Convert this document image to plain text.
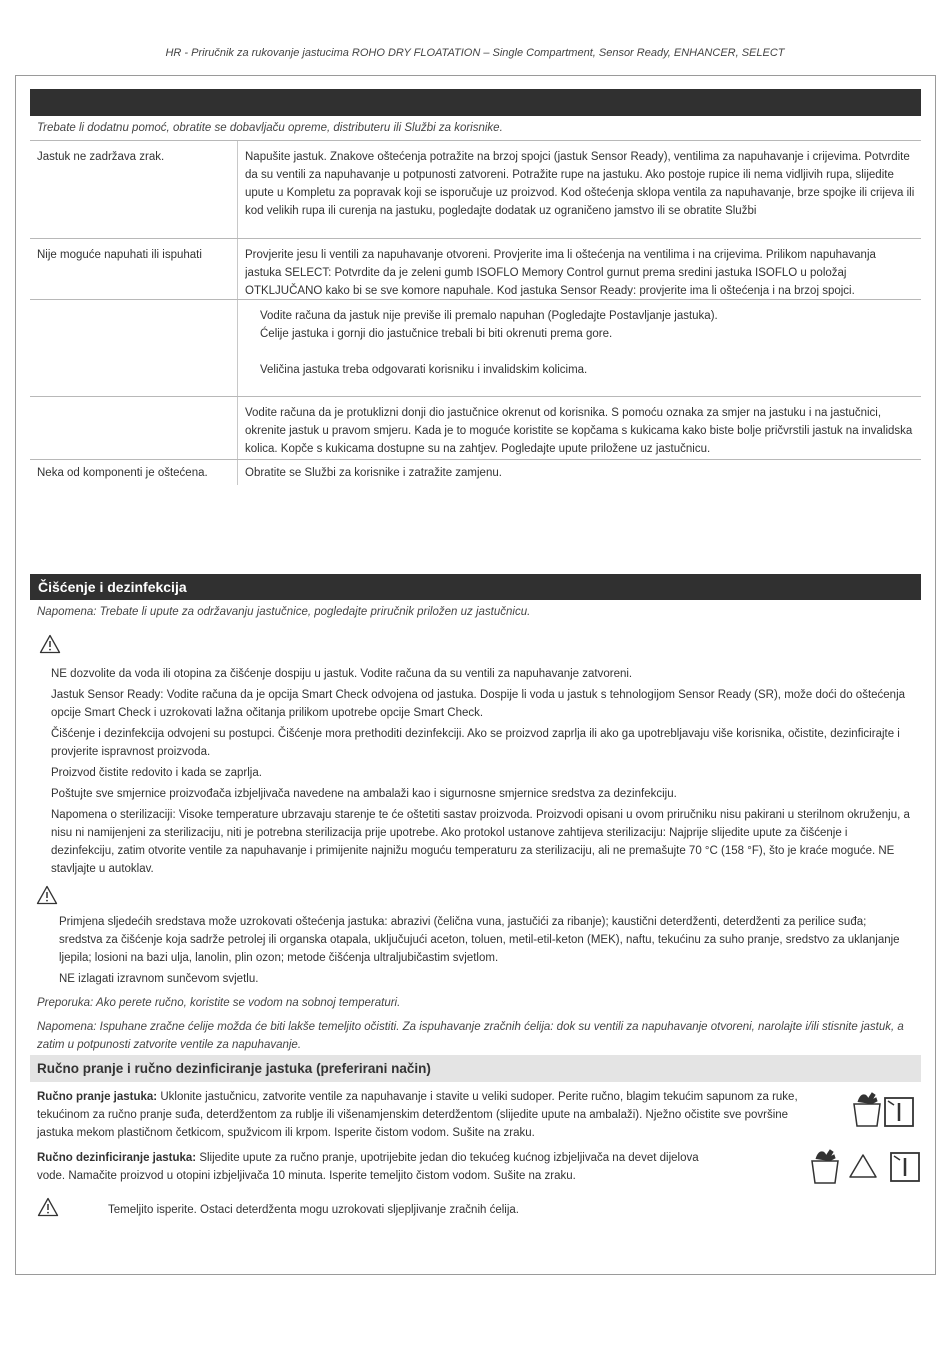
HR - Priručnik za rukovanje jastucima ROHO DRY FLOATATION – Single Compartment, Sensor Ready, ENHANCER, SELECT
Trebate li dodatnu pomoć, obratite se dobavljaču opreme, distributeru ili Službi za korisnike.
Jastuk ne zadržava zrak.	Napušite jastuk. Znakove oštećenja potražite na brzoj spojci (jastuk Sensor Ready), ventilima za napuhavanje i crijevima. Potvrdite da su ventili za napuhavanje u potpunosti zatvoreni. Potražite rupe na jastuku. Ako postoje rupice ili nema vidljivih rupa, slijedite upute u Kompletu za popravak koji se isporučuje uz proizvod. Kod oštećenja sklopa ventila za napuhavanje, brze spojke ili crijeva ili kod velikih rupa ili curenja na jastuku, pogledajte dodatak uz ograničeno jamstvo ili se obratite Službi
Nije moguće napuhati ili ispuhati	Provjerite jesu li ventili za napuhavanje otvoreni. Provjerite ima li oštećenja na ventilima i na crijevima. Prilikom napuhavanja jastuka SELECT: Potvrdite da je zeleni gumb ISOFLO Memory Control gurnut prema sredini jastuka ISOFLO u položaj OTKLJUČANO kako bi se sve komore napuhale. Kod jastuka Sensor Ready: provjerite ima li oštećenja i na brzoj spojci.
Vodite računa da jastuk nije previše ili premalo napuhan (Pogledajte Postavljanje jastuka).
Ćelije jastuka i gornji dio jastučnice trebali bi biti okrenuti prema gore.
Veličina jastuka treba odgovarati korisniku i invalidskim kolicima.
Vodite računa da je protuklizni donji dio jastučnice okrenut od korisnika. S pomoću oznaka za smjer na jastuku i na jastučnici, okrenite jastuk u pravom smjeru. Kada je to moguće koristite se kopčama s kukicama kako biste bolje pričvrstili jastuk na invalidska kolica. Kopče s kukicama dostupne su na zahtjev. Pogledajte upute priložene uz jastučnicu.
Neka od komponenti je oštećena.	Obratite se Službi za korisnike i zatražite zamjenu.
Čišćenje i dezinfekcija
Napomena: Trebate li upute za održavanju jastučnice, pogledajte priručnik priložen uz jastučnicu.

NE dozvolite da voda ili otopina za čišćenje dospiju u jastuk. Vodite računa da su ventili za napuhavanje zatvoreni.

Jastuk Sensor Ready: Vodite računa da je opcija Smart Check odvojena od jastuka. Dospije li voda u jastuk s tehnologijom Sensor Ready (SR), može doći do oštećenja opcije Smart Check i uzrokovati lažna očitanja prilikom upotrebe opcije Smart Check.

Čišćenje i dezinfekcija odvojeni su postupci. Čišćenje mora prethoditi dezinfekciji. Ako se proizvod zaprlja ili ako ga upotrebljavaju više korisnika, očistite, dezinficirajte i provjerite ispravnost proizvoda.

Proizvod čistite redovito i kada se zaprlja.

Poštujte sve smjernice proizvođača izbjeljivača navedene na ambalaži kao i sigurnosne smjernice sredstva za dezinfekciju.

Napomena o sterilizaciji: Visoke temperature ubrzavaju starenje te će oštetiti sastav proizvoda. Proizvodi opisani u ovom priručniku nisu pakirani u sterilnom okruženju, a nisu ni namijenjeni za sterilizaciju, niti je potrebna sterilizacija prije upotrebe. Ako protokol ustanove zahtijeva sterilizaciju: Najprije slijedite upute za čišćenje i dezinfekciju, zatim otvorite ventile za napuhavanje i primijenite najnižu moguću temperaturu za sterilizaciju, ali ne premašujte 70 °C (158 °F), što je kraće moguće. NE stavljajte u autoklav.

Primjena sljedećih sredstava može uzrokovati oštećenja jastuka: abrazivi (čelična vuna, jastučići za ribanje); kaustični deterdženti, deterdženti za perilice suđa; sredstva za čišćenje koja sadrže petrolej ili organska otapala, uključujući aceton, toluen, metil-etil-keton (MEK), naftu, tekućinu za suho pranje, sredstvo za uklanjanje ljepila; losioni na bazi ulja, lanolin, plin ozon; metode čišćenja ultraljubičastim svjetlom.

NE izlagati izravnom sunčevom svjetlu.

Preporuka: Ako perete ručno, koristite se vodom na sobnoj temperaturi.
Napomena: Ispuhane zračne ćelije možda će biti lakše temeljito očistiti. Za ispuhavanje zračnih ćelija: dok su ventili za napuhavanje otvoreni, narolajte i/ili stisnite jastuk, a zatim u potpunosti zatvorite ventile za napuhavanje.
Ručno pranje i ručno dezinficiranje jastuka (preferirani način)
Ručno pranje jastuka: Uklonite jastučnicu, zatvorite ventile za napuhavanje i stavite u veliki sudoper. Perite ručno, blagim tekućim sapunom za ruke, tekućinom za ručno pranje suđa, deterdžentom za rublje ili višenamjenskim deterdžentom (slijedite upute na ambalaži). Nježno očistite sve površine jastuka mekom plastičnom četkicom, spužvicom ili krpom. Isperite čistom vodom. Sušite na zraku.
Ručno dezinficiranje jastuka: Slijedite upute za ručno pranje, upotrijebite jedan dio tekućeg kućnog izbjeljivača na devet dijelova vode. Namačite proizvod u otopini izbjeljivača 10 minuta. Isperite temeljito čistom vodom. Sušite na zraku.
Temeljito isperite. Ostaci deterdženta mogu uzrokovati sljepljivanje zračnih ćelija.
